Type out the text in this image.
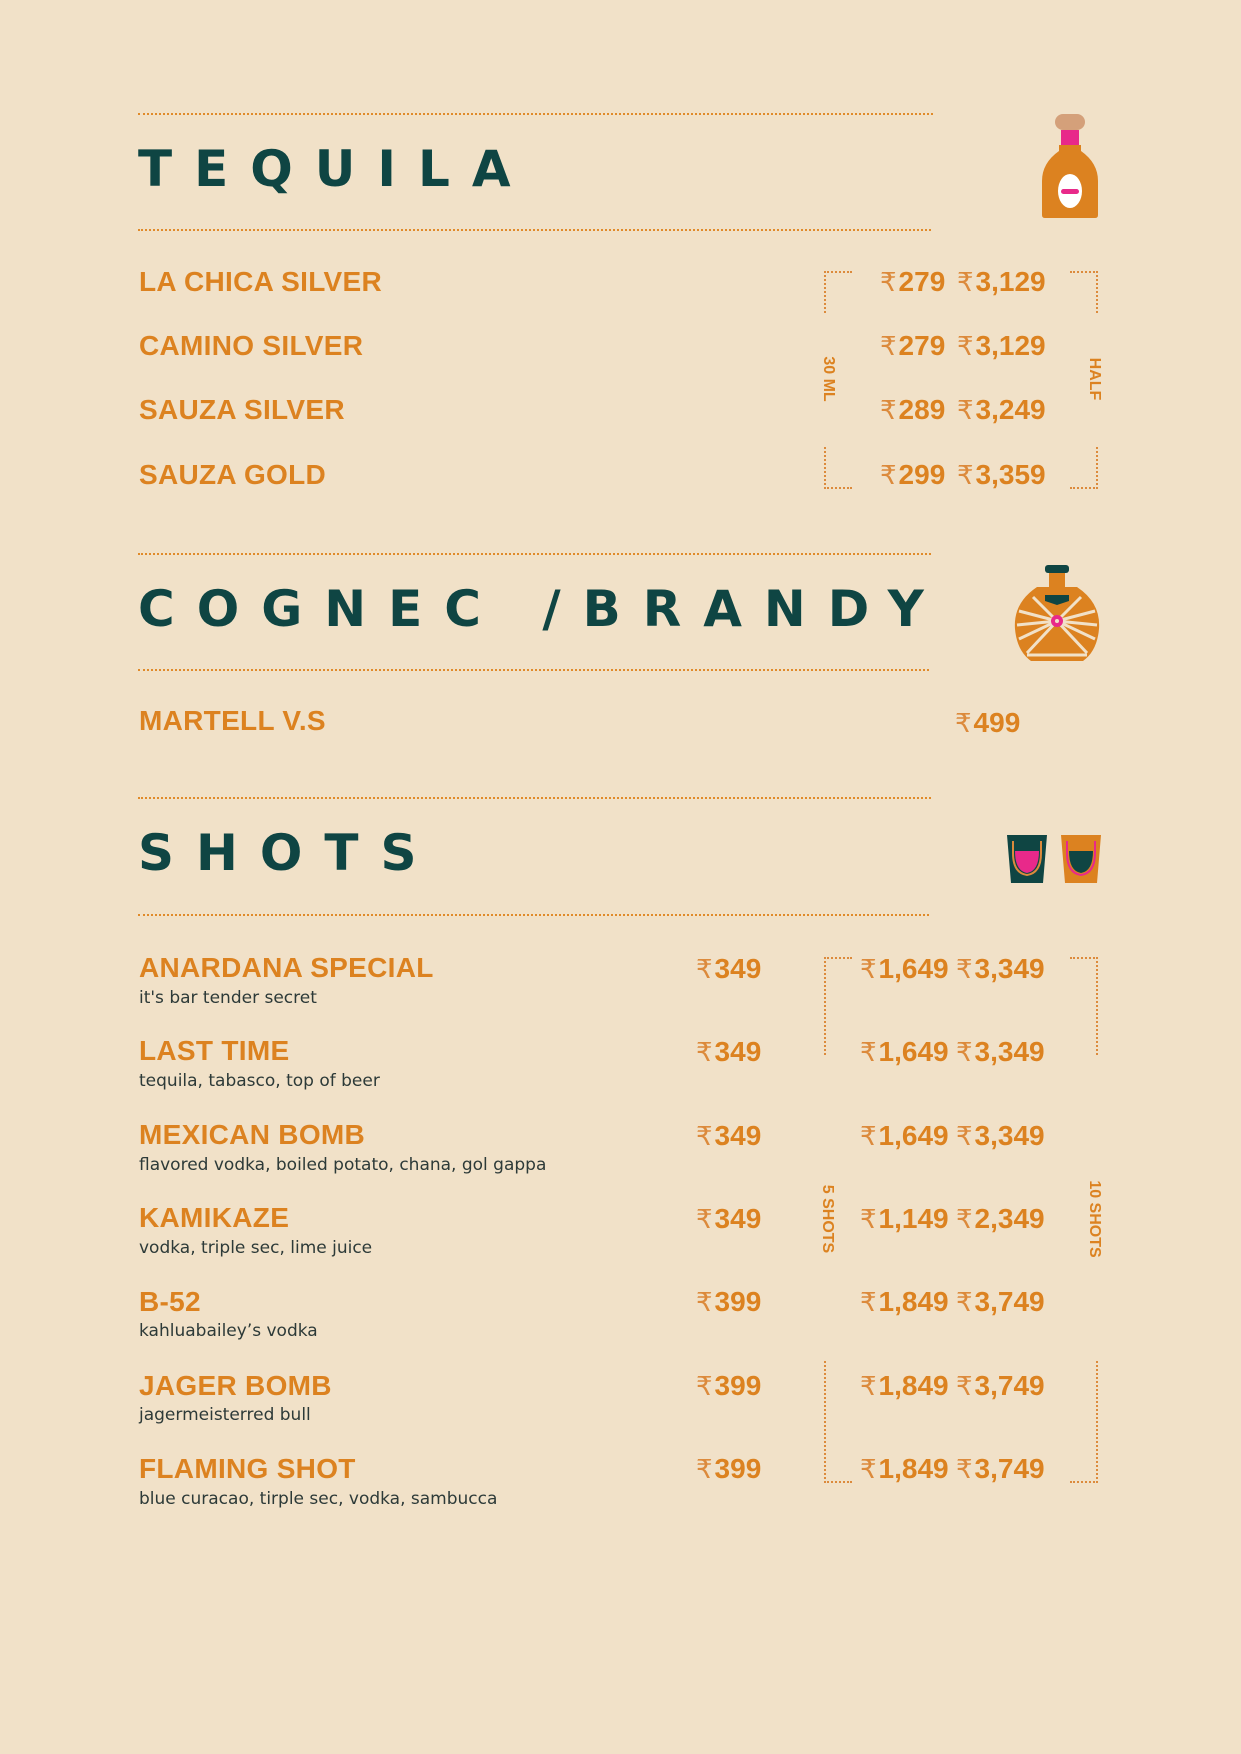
TEQUILA
30 ML	HALF
LA CHICA SILVER	₹279 ₹3,129
CAMINO SILVER	₹279 ₹3,129
SAUZA SILVER	₹289 ₹3,249
SAUZA GOLD	₹299 ₹3,359
COGNEC /BRANDY
MARTELL V.S	₹499
SHOTS
5 SHOTS	10 SHOTS
ANARDANA SPECIAL
it's bar tender secret
₹349	₹1,649 ₹3,349
LAST TIME
tequila, tabasco, top of beer
₹349	₹1,649 ₹3,349
MEXICAN BOMB
flavored vodka, boiled potato, chana, gol gappa
₹349	₹1,649 ₹3,349
KAMIKAZE
vodka, triple sec, lime juice
₹349	₹1,149 ₹2,349
B-52
kahluabailey’s vodka
₹399	₹1,849 ₹3,749
JAGER BOMB
jagermeisterred bull
₹399	₹1,849 ₹3,749
FLAMING SHOT
blue curacao, tirple sec, vodka, sambucca
₹399	₹1,849 ₹3,749
